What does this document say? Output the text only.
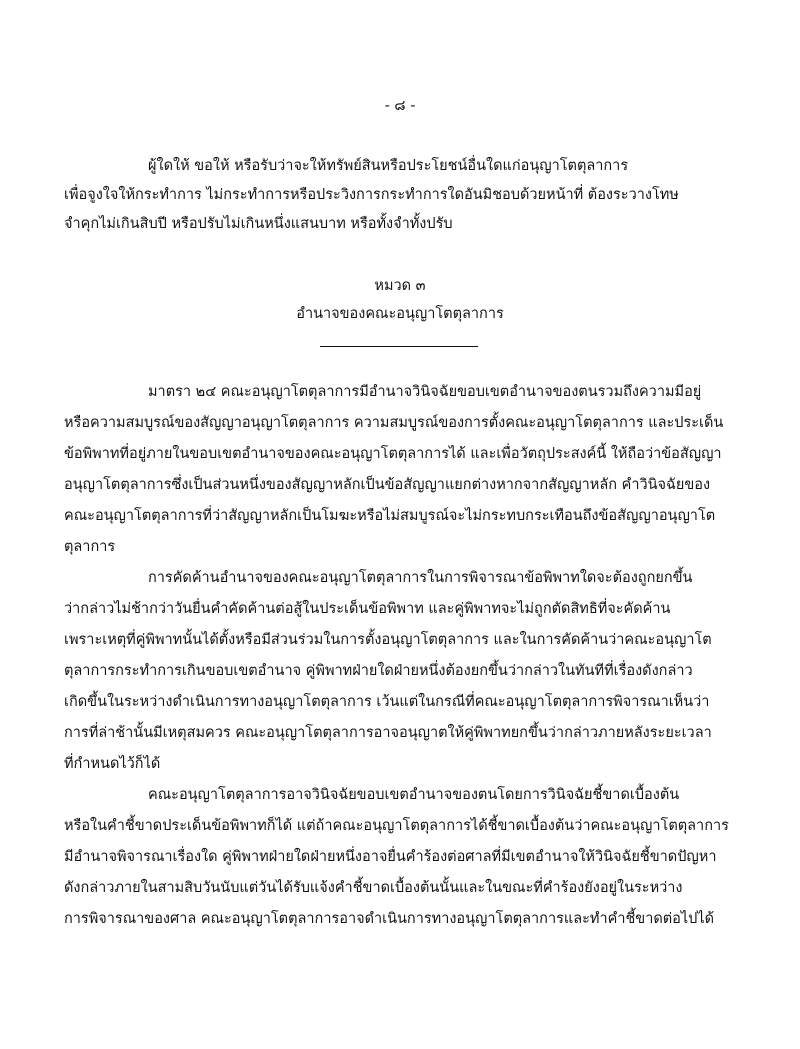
- ๘ -
ผู้ใดให้ ขอให้ หรือรับว่าจะให้ทรัพย์สินหรือประโยชน์อื่นใดแก่อนุญาโตตุลาการ
เพื่อจูงใจให้กระทำการ ไม่กระทำการหรือประวิงการกระทำการใดอันมิชอบด้วยหน้าที่ ต้องระวางโทษ
จำคุกไม่เกินสิบปี หรือปรับไม่เกินหนึ่งแสนบาท หรือทั้งจำทั้งปรับ
หมวด ๓
อำนาจของคณะอนุญาโตตุลาการ
มาตรา ๒๔ คณะอนุญาโตตุลาการมีอำนาจวินิจฉัยขอบเขตอำนาจของตนรวมถึงความมีอยู่
หรือความสมบูรณ์ของสัญญาอนุญาโตตุลาการ ความสมบูรณ์ของการตั้งคณะอนุญาโตตุลาการ และประเด็น
ข้อพิพาทที่อยู่ภายในขอบเขตอำนาจของคณะอนุญาโตตุลาการได้ และเพื่อวัตถุประสงค์นี้ ให้ถือว่าข้อสัญญา
อนุญาโตตุลาการซึ่งเป็นส่วนหนึ่งของสัญญาหลักเป็นข้อสัญญาแยกต่างหากจากสัญญาหลัก คำวินิจฉัยของ
คณะอนุญาโตตุลาการที่ว่าสัญญาหลักเป็นโมฆะหรือไม่สมบูรณ์จะไม่กระทบกระเทือนถึงข้อสัญญาอนุญาโต
ตุลาการ
การคัดค้านอำนาจของคณะอนุญาโตตุลาการในการพิจารณาข้อพิพาทใดจะต้องถูกยกขึ้น
ว่ากล่าวไม่ช้ากว่าวันยื่นคำคัดค้านต่อสู้ในประเด็นข้อพิพาท และคู่พิพาทจะไม่ถูกตัดสิทธิที่จะคัดค้าน
เพราะเหตุที่คู่พิพาทนั้นได้ตั้งหรือมีส่วนร่วมในการตั้งอนุญาโตตุลาการ และในการคัดค้านว่าคณะอนุญาโต
ตุลาการกระทำการเกินขอบเขตอำนาจ คู่พิพาทฝ่ายใดฝ่ายหนึ่งต้องยกขึ้นว่ากล่าวในทันทีที่เรื่องดังกล่าว
เกิดขึ้นในระหว่างดำเนินการทางอนุญาโตตุลาการ เว้นแต่ในกรณีที่คณะอนุญาโตตุลาการพิจารณาเห็นว่า
การที่ล่าช้านั้นมีเหตุสมควร คณะอนุญาโตตุลาการอาจอนุญาตให้คู่พิพาทยกขึ้นว่ากล่าวภายหลังระยะเวลา
ที่กำหนดไว้ก็ได้
คณะอนุญาโตตุลาการอาจวินิจฉัยขอบเขตอำนาจของตนโดยการวินิจฉัยชี้ขาดเบื้องต้น
หรือในคำชี้ขาดประเด็นข้อพิพาทก็ได้ แต่ถ้าคณะอนุญาโตตุลาการได้ชี้ขาดเบื้องต้นว่าคณะอนุญาโตตุลาการ
มีอำนาจพิจารณาเรื่องใด คู่พิพาทฝ่ายใดฝ่ายหนึ่งอาจยื่นคำร้องต่อศาลที่มีเขตอำนาจให้วินิจฉัยชี้ขาดปัญหา
ดังกล่าวภายในสามสิบวันนับแต่วันได้รับแจ้งคำชี้ขาดเบื้องต้นนั้นและในขณะที่คำร้องยังอยู่ในระหว่าง
การพิจารณาของศาล คณะอนุญาโตตุลาการอาจดำเนินการทางอนุญาโตตุลาการและทำคำชี้ขาดต่อไปได้
